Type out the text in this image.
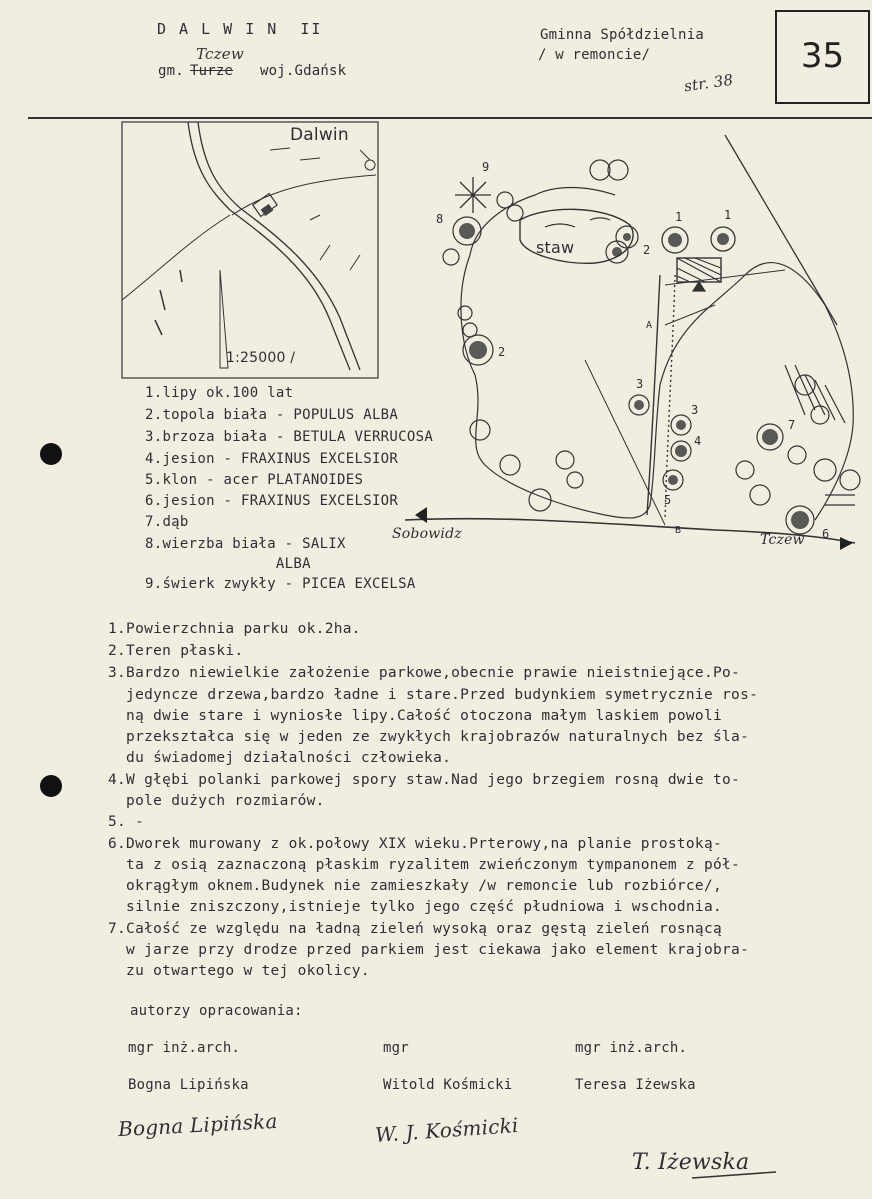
D A L W I N  II
gm. Turze
Tczew
woj.Gdańsk
Gminna Spółdzielnia
/ w remoncie/
str. 38
35
Dalwin
1:25000 /
staw
Sobowidz	Tczew
9
8	1	1
2
2
3
3
4
5
6
7
A
B
1.lipy ok.100 lat
2.topola biała - POPULUS ALBA
3.brzoza biała - BETULA VERRUCOSA
4.jesion - FRAXINUS EXCELSIOR
5.klon - acer PLATANOIDES
6.jesion - FRAXINUS EXCELSIOR
7.dąb
8.wierzba biała - SALIX
ALBA
9.świerk zwykły - PICEA EXCELSA
1.Powierzchnia parku ok.2ha.
2.Teren płaski.
3.Bardzo niewielkie założenie parkowe,obecnie prawie nieistniejące.Po-
jedyncze drzewa,bardzo ładne i stare.Przed budynkiem symetrycznie ros-
ną dwie stare i wyniosłe lipy.Całość otoczona małym laskiem powoli
przekształca się w jeden ze zwykłych krajobrazów naturalnych bez śla-
du świadomej działalności człowieka.
4.W głębi polanki parkowej spory staw.Nad jego brzegiem rosną dwie to-
pole dużych rozmiarów.
5. -
6.Dworek murowany z ok.połowy XIX wieku.Prterowy,na planie prostoką-
ta z osią zaznaczoną płaskim ryzalitem zwieńczonym tympanonem z pół-
okrągłym oknem.Budynek nie zamieszkały /w remoncie lub rozbiórce/,
silnie zniszczony,istnieje tylko jego część płudniowa i wschodnia.
7.Całość ze względu na ładną zieleń wysoką oraz gęstą zieleń rosnącą
w jarze przy drodze przed parkiem jest ciekawa jako element krajobra-
zu otwartego w tej okolicy.
autorzy opracowania:
mgr inż.arch.	mgr	mgr inż.arch.
Bogna Lipińska	Witold Kośmicki	Teresa Iżewska
Bogna Lipińska	W. J. Kośmicki
T. Iżewska
